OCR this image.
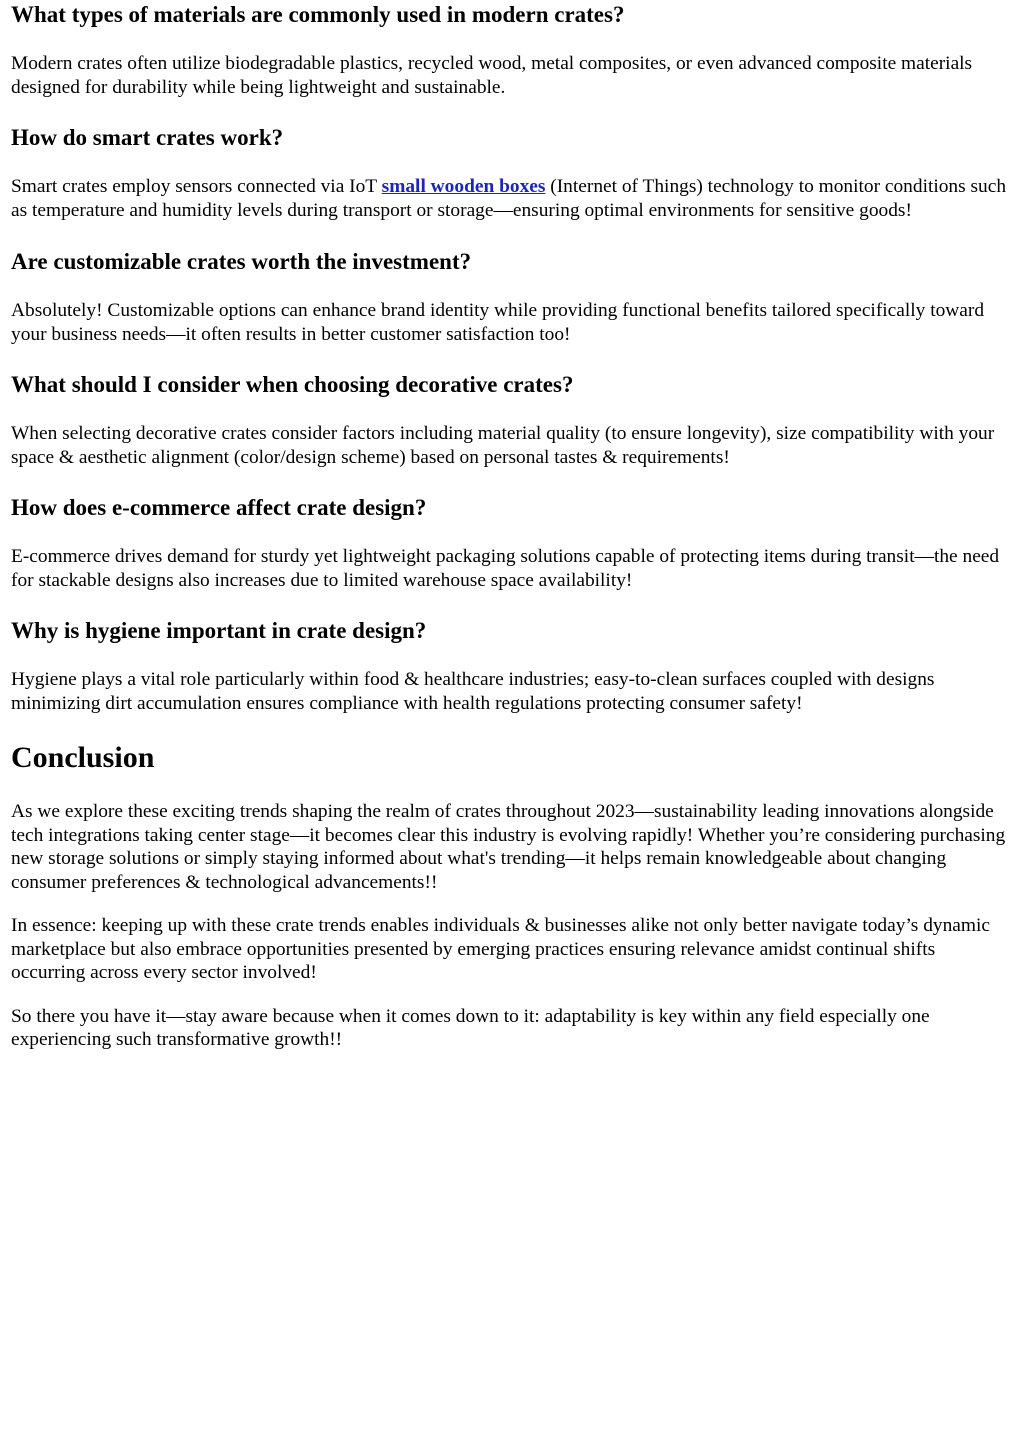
What types of materials are commonly used in modern crates?

Modern crates often utilize biodegradable plastics, recycled wood, metal composites, or even advanced composite materials designed for durability while being lightweight and sustainable.

How do smart crates work?

Smart crates employ sensors connected via IoT small wooden boxes (Internet of Things) technology to monitor conditions such as temperature and humidity levels during transport or storage—ensuring optimal environments for sensitive goods!

Are customizable crates worth the investment?

Absolutely! Customizable options can enhance brand identity while providing functional benefits tailored specifically toward your business needs—it often results in better customer satisfaction too!

What should I consider when choosing decorative crates?

When selecting decorative crates consider factors including material quality (to ensure longevity), size compatibility with your space & aesthetic alignment (color/design scheme) based on personal tastes & requirements!

How does e-commerce affect crate design?

E-commerce drives demand for sturdy yet lightweight packaging solutions capable of protecting items during transit—the need for stackable designs also increases due to limited warehouse space availability!

Why is hygiene important in crate design?

Hygiene plays a vital role particularly within food & healthcare industries; easy-to-clean surfaces coupled with designs minimizing dirt accumulation ensures compliance with health regulations protecting consumer safety!

Conclusion

As we explore these exciting trends shaping the realm of crates throughout 2023—sustainability leading innovations alongside tech integrations taking center stage—it becomes clear this industry is evolving rapidly! Whether you’re considering purchasing new storage solutions or simply staying informed about what's trending—it helps remain knowledgeable about changing consumer preferences & technological advancements!!

In essence: keeping up with these crate trends enables individuals & businesses alike not only better navigate today’s dynamic marketplace but also embrace opportunities presented by emerging practices ensuring relevance amidst continual shifts occurring across every sector involved!

So there you have it—stay aware because when it comes down to it: adaptability is key within any field especially one experiencing such transformative growth!!
